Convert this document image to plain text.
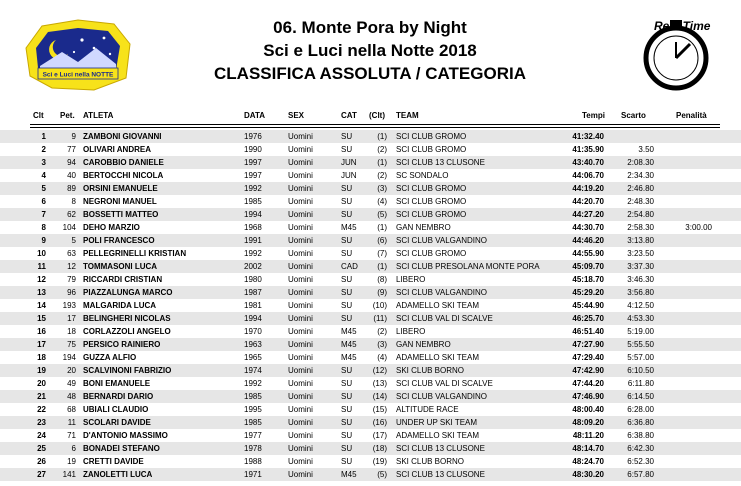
Sci e Luci nella NOTTE
06. Monte Pora by Night
Sci e Luci nella Notte 2018
CLASSIFICA ASSOLUTA / CATEGORIA
Real Time
Clt Pet. ATLETA	DATA	SEX	CAT (Clt) TEAM	Tempi Scarto	Penalità
1	9 ZAMBONI GIOVANNI	1976	Uomini	SU	(1) SCI CLUB GROMO	41:32.40
2	77 OLIVARI ANDREA	1990	Uomini	SU	(2) SCI CLUB GROMO	41:35.90	3.50
3	94 CAROBBIO DANIELE	1997	Uomini	JUN	(1) SCI CLUB 13 CLUSONE	43:40.70	2:08.30
4	40 BERTOCCHI NICOLA	1997	Uomini	JUN	(2) SC SONDALO	44:06.70	2:34.30
5	89 ORSINI EMANUELE	1992	Uomini	SU	(3) SCI CLUB GROMO	44:19.20	2:46.80
6	8 NEGRONI MANUEL	1985	Uomini	SU	(4) SCI CLUB GROMO	44:20.70	2:48.30
7	62 BOSSETTI MATTEO	1994	Uomini	SU	(5) SCI CLUB GROMO	44:27.20	2:54.80
8	104 DEHO MARZIO	1968	Uomini	M45	(1) GAN NEMBRO	44:30.70	2:58.30	3:00.00
9	5 POLI FRANCESCO	1991	Uomini	SU	(6) SCI CLUB VALGANDINO	44:46.20	3:13.80
10	63 PELLEGRINELLI KRISTIAN	1992	Uomini	SU	(7) SCI CLUB GROMO	44:55.90	3:23.50
11	12 TOMMASONI LUCA	2002	Uomini	CAD	(1) SCI CLUB PRESOLANA MONTE PORA	45:09.70	3:37.30
12	79 RICCARDI CRISTIAN	1980	Uomini	SU	(8) LIBERO	45:18.70	3:46.30
13	96 PIAZZALUNGA MARCO	1987	Uomini	SU	(9) SCI CLUB VALGANDINO	45:29.20	3:56.80
14	193 MALGARIDA LUCA	1981	Uomini	SU	(10) ADAMELLO SKI TEAM	45:44.90	4:12.50
15	17 BELINGHERI NICOLAS	1994	Uomini	SU	(11) SCI CLUB VAL DI SCALVE	46:25.70	4:53.30
16	18 CORLAZZOLI ANGELO	1970	Uomini	M45	(2) LIBERO	46:51.40	5:19.00
17	75 PERSICO RAINIERO	1963	Uomini	M45	(3) GAN NEMBRO	47:27.90	5:55.50
18	194 GUZZA ALFIO	1965	Uomini	M45	(4) ADAMELLO SKI TEAM	47:29.40	5:57.00
19	20 SCALVINONI FABRIZIO	1974	Uomini	SU	(12) SKI CLUB BORNO	47:42.90	6:10.50
20	49 BONI EMANUELE	1992	Uomini	SU	(13) SCI CLUB VAL DI SCALVE	47:44.20	6:11.80
21	48 BERNARDI DARIO	1985	Uomini	SU	(14) SCI CLUB VALGANDINO	47:46.90	6:14.50
22	68 UBIALI CLAUDIO	1995	Uomini	SU	(15) ALTITUDE RACE	48:00.40	6:28.00
23	11 SCOLARI DAVIDE	1985	Uomini	SU	(16) UNDER UP SKI TEAM	48:09.20	6:36.80
24	71 D'ANTONIO MASSIMO	1977	Uomini	SU	(17) ADAMELLO SKI TEAM	48:11.20	6:38.80
25	6 BONADEI STEFANO	1978	Uomini	SU	(18) SCI CLUB 13 CLUSONE	48:14.70	6:42.30
26	19 CRETTI DAVIDE	1988	Uomini	SU	(19) SKI CLUB BORNO	48:24.70	6:52.30
27	141 ZANOLETTI LUCA	1971	Uomini	M45	(5) SCI CLUB 13 CLUSONE	48:30.20	6:57.80
